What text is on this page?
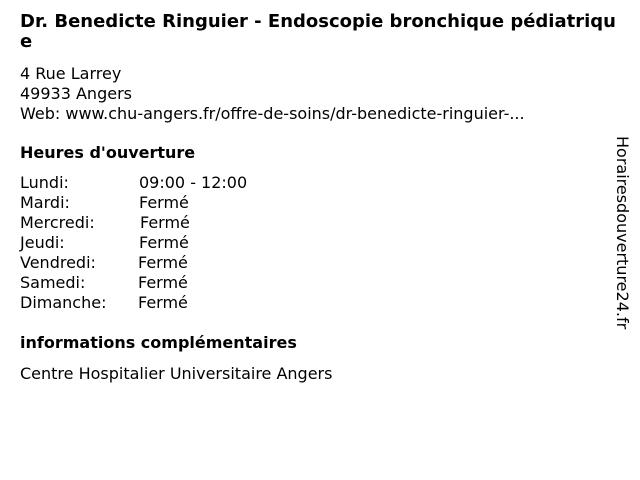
Dr. Benedicte Ringuier - Endoscopie bronchique pédiatrique
4 Rue Larrey
49933 Angers
Web: www.chu-angers.fr/offre-de-soins/dr-benedicte-ringuier-...
Heures d'ouverture
Lundi:	09:00 - 12:00
Mardi:	Fermé
Mercredi:	Fermé
Jeudi:	Fermé
Vendredi:	Fermé
Samedi:	Fermé
Dimanche: Fermé
informations complémentaires
Centre Hospitalier Universitaire Angers
Horairesdouverture24.fr
